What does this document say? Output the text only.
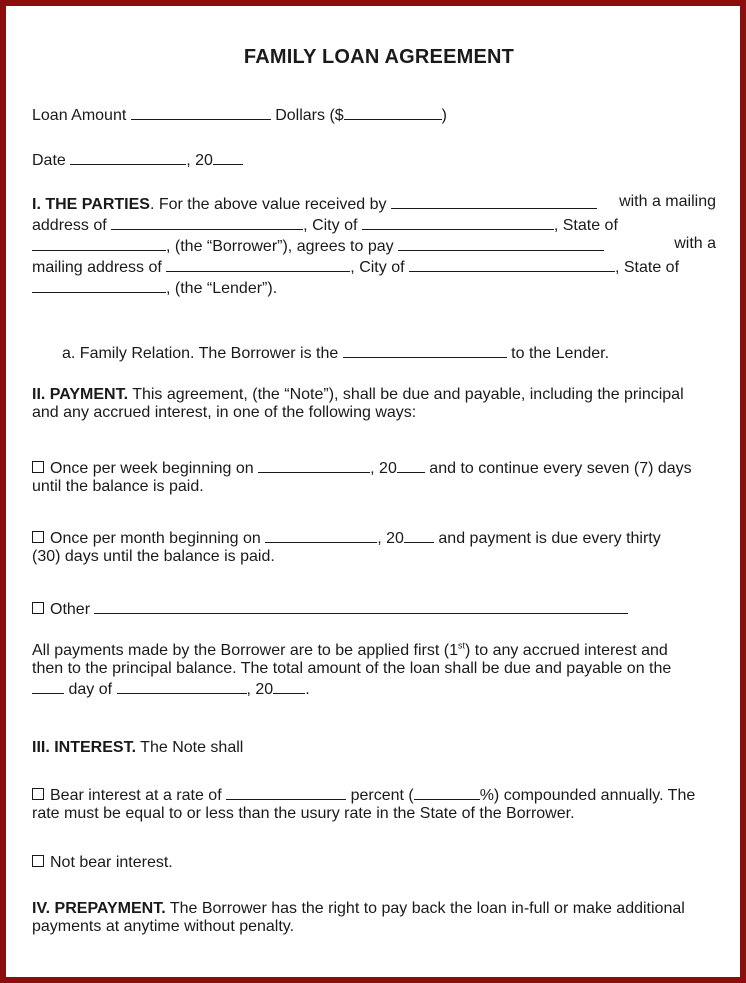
FAMILY LOAN AGREEMENT
Loan Amount	Dollars ($	)
Date	, 20
I. THE PARTIES. For the above value received by	with a mailing
address of	, City of	, State of
, (the “Borrower”), agrees to pay	with a
mailing address of	, City of	, State of
, (the “Lender”).
a. Family Relation. The Borrower is the	to the Lender.
II. PAYMENT. This agreement, (the “Note”), shall be due and payable, including the principal
and any accrued interest, in one of the following ways:
Once per week beginning on	, 20 and to continue every seven (7) days
until the balance is paid.
Once per month beginning on	, 20 and payment is due every thirty
(30) days until the balance is paid.
Other
All payments made by the Borrower are to be applied first (1st) to any accrued interest and
then to the principal balance. The total amount of the loan shall be due and payable on the
day of	, 20 .
III. INTEREST. The Note shall
Bear interest at a rate of	percent (	%) compounded annually. The
rate must be equal to or less than the usury rate in the State of the Borrower.
Not bear interest.
IV. PREPAYMENT. The Borrower has the right to pay back the loan in-full or make additional
payments at anytime without penalty.
